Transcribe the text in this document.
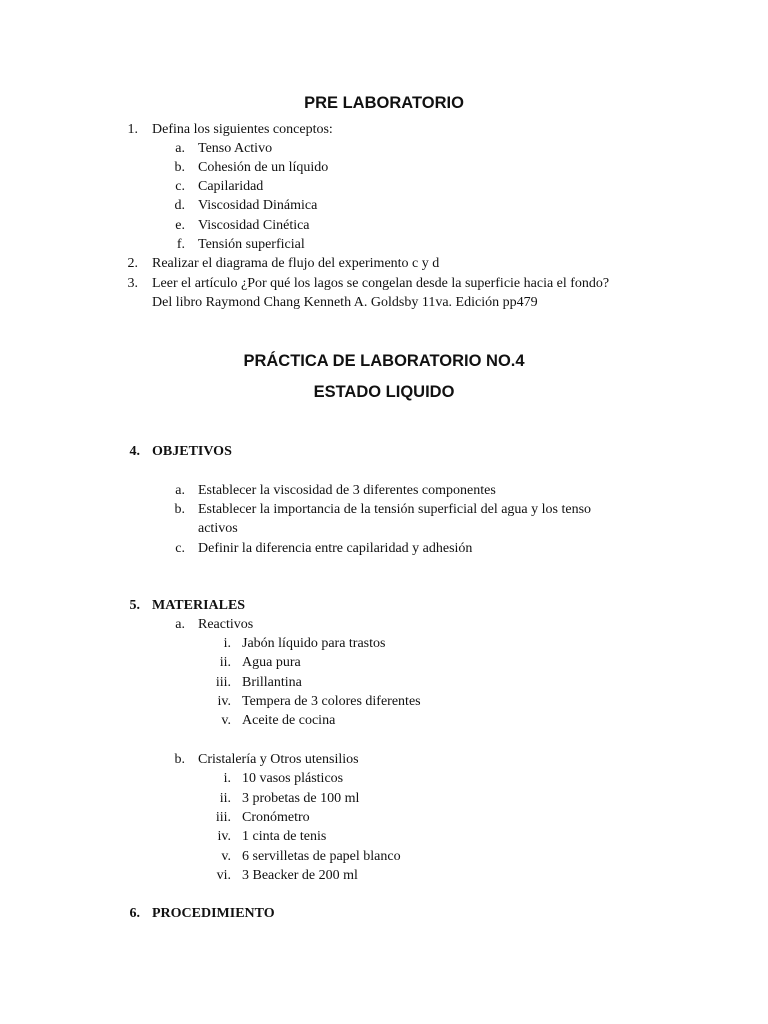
PRE LABORATORIO
1. Defina los siguientes conceptos:
a. Tenso Activo
b. Cohesión de un líquido
c. Capilaridad
d. Viscosidad Dinámica
e. Viscosidad Cinética
f. Tensión superficial
2. Realizar el diagrama de flujo del experimento c y d
3. Leer el artículo ¿Por qué los lagos se congelan desde la superficie hacia el fondo?
Del libro Raymond Chang Kenneth A. Goldsby 11va. Edición pp479
PRÁCTICA DE LABORATORIO NO.4
ESTADO LIQUIDO
4. OBJETIVOS
a. Establecer la viscosidad de 3 diferentes componentes
b. Establecer la importancia de la tensión superficial del agua y los tenso
activos
c. Definir la diferencia entre capilaridad y adhesión
5. MATERIALES
a. Reactivos
i. Jabón líquido para trastos
ii. Agua pura
iii. Brillantina
iv. Tempera de 3 colores diferentes
v. Aceite de cocina
b. Cristalería y Otros utensilios
i. 10 vasos plásticos
ii. 3 probetas de 100 ml
iii. Cronómetro
iv. 1 cinta de tenis
v. 6 servilletas de papel blanco
vi. 3 Beacker de 200 ml
6. PROCEDIMIENTO
